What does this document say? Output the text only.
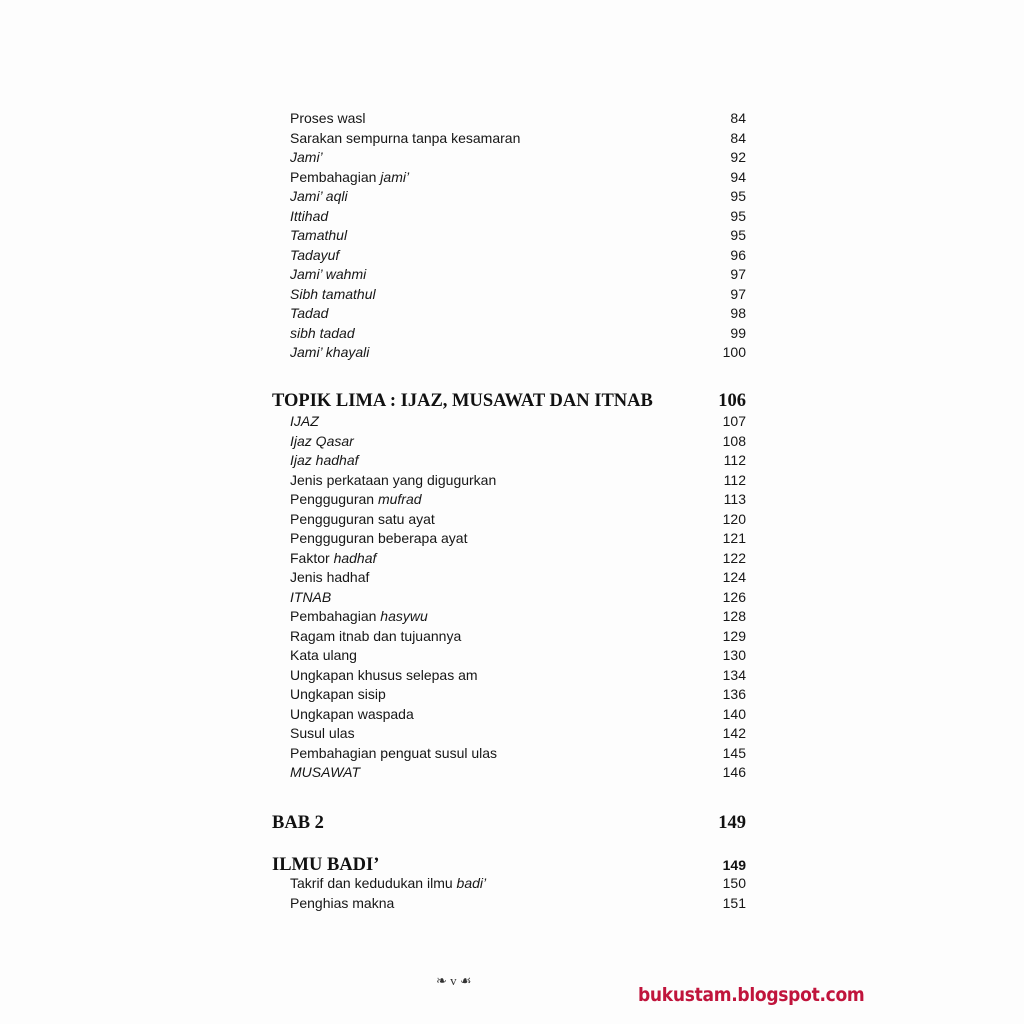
Proses wasl	84
Sarakan sempurna tanpa kesamaran	84
Jami’	92
Pembahagian jami’	94
Jami’ aqli	95
Ittihad	95
Tamathul	95
Tadayuf	96
Jami’ wahmi	97
Sibh tamathul	97
Tadad	98
sibh tadad	99
Jami’ khayali	100
TOPIK LIMA : IJAZ, MUSAWAT DAN ITNAB	106
IJAZ	107
Ijaz Qasar	108
Ijaz hadhaf	112
Jenis perkataan yang digugurkan	112
Pengguguran mufrad	113
Pengguguran satu ayat	120
Pengguguran beberapa ayat	121
Faktor hadhaf	122
Jenis hadhaf	124
ITNAB	126
Pembahagian hasywu	128
Ragam itnab dan tujuannya	129
Kata ulang	130
Ungkapan khusus selepas am	134
Ungkapan sisip	136
Ungkapan waspada	140
Susul ulas	142
Pembahagian penguat susul ulas	145
MUSAWAT	146
BAB 2	149
ILMU BADI’	149
Takrif dan kedudukan ilmu badi’	150
Penghias makna	151
❧ v ☙
bukustam.blogspot.com
